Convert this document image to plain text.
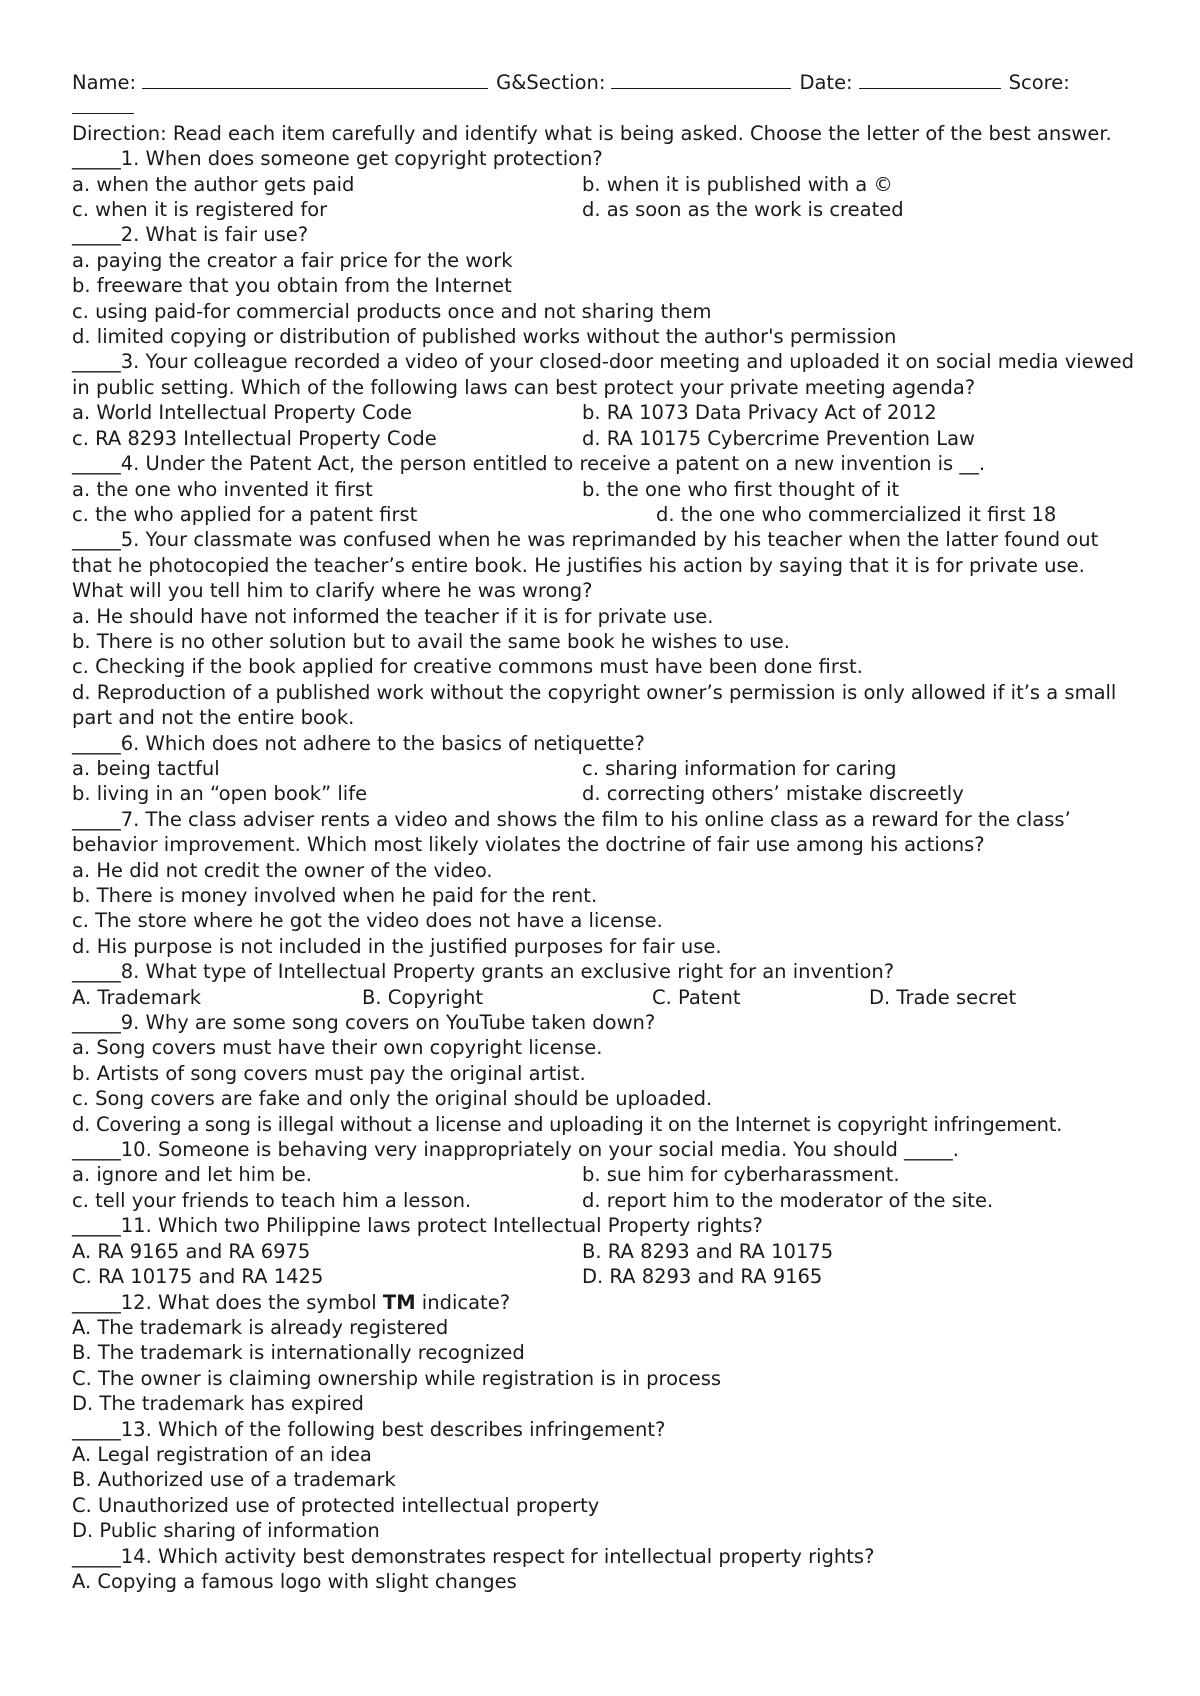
Name:	G&Section:	Date:	Score:
Direction: Read each item carefully and identify what is being asked. Choose the letter of the best answer.
_____1. When does someone get copyright protection?
a. when the author gets paid	b. when it is published with a ©
c. when it is registered for	d. as soon as the work is created
_____2. What is fair use?
a. paying the creator a fair price for the work
b. freeware that you obtain from the Internet
c. using paid-for commercial products once and not sharing them
d. limited copying or distribution of published works without the author's permission
_____3. Your colleague recorded a video of your closed-door meeting and uploaded it on social media viewed in public setting. Which of the following laws can best protect your private meeting agenda?
a. World Intellectual Property Code	b. RA 1073 Data Privacy Act of 2012
c. RA 8293 Intellectual Property Code	d. RA 10175 Cybercrime Prevention Law
_____4. Under the Patent Act, the person entitled to receive a patent on a new invention is __.
a. the one who invented it first	b. the one who first thought of it
c. the who applied for a patent first	d. the one who commercialized it first 18
_____5. Your classmate was confused when he was reprimanded by his teacher when the latter found out that he photocopied the teacher’s entire book. He justifies his action by saying that it is for private use. What will you tell him to clarify where he was wrong?
a. He should have not informed the teacher if it is for private use.
b. There is no other solution but to avail the same book he wishes to use.
c. Checking if the book applied for creative commons must have been done first.
d. Reproduction of a published work without the copyright owner’s permission is only allowed if it’s a small part and not the entire book.
_____6. Which does not adhere to the basics of netiquette?
a. being tactful	c. sharing information for caring
b. living in an “open book” life	d. correcting others’ mistake discreetly
_____7. The class adviser rents a video and shows the film to his online class as a reward for the class’ behavior improvement. Which most likely violates the doctrine of fair use among his actions?
a. He did not credit the owner of the video.
b. There is money involved when he paid for the rent.
c. The store where he got the video does not have a license.
d. His purpose is not included in the justified purposes for fair use.
_____8. What type of Intellectual Property grants an exclusive right for an invention?
A. Trademark	B. Copyright	C. Patent	D. Trade secret
_____9. Why are some song covers on YouTube taken down?
a. Song covers must have their own copyright license.
b. Artists of song covers must pay the original artist.
c. Song covers are fake and only the original should be uploaded.
d. Covering a song is illegal without a license and uploading it on the Internet is copyright infringement.
_____10. Someone is behaving very inappropriately on your social media. You should _____.
a. ignore and let him be.	b. sue him for cyberharassment.
c. tell your friends to teach him a lesson.	d. report him to the moderator of the site.
_____11. Which two Philippine laws protect Intellectual Property rights?
A. RA 9165 and RA 6975	B. RA 8293 and RA 10175
C. RA 10175 and RA 1425	D. RA 8293 and RA 9165
_____12. What does the symbol TM indicate?
A. The trademark is already registered
B. The trademark is internationally recognized
C. The owner is claiming ownership while registration is in process
D. The trademark has expired
_____13. Which of the following best describes infringement?
A. Legal registration of an idea
B. Authorized use of a trademark
C. Unauthorized use of protected intellectual property
D. Public sharing of information
_____14. Which activity best demonstrates respect for intellectual property rights?
A. Copying a famous logo with slight changes
